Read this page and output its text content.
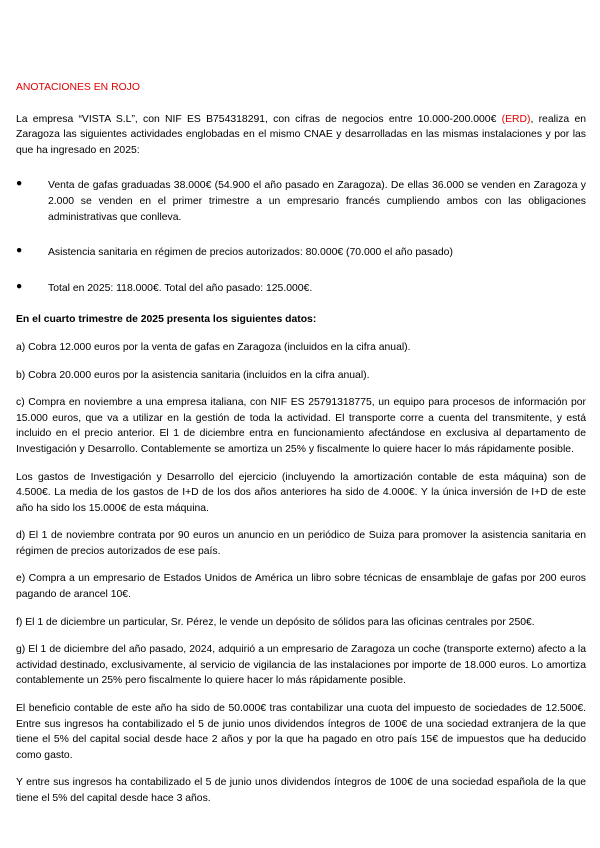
ANOTACIONES EN ROJO

La empresa “VISTA S.L”, con NIF ES B754318291, con cifras de negocios entre 10.000-200.000€ (ERD), realiza en Zaragoza las siguientes actividades englobadas en el mismo CNAE y desarrolladas en las mismas instalaciones y por las que ha ingresado en 2025:

●	Venta de gafas graduadas 38.000€ (54.900 el año pasado en Zaragoza). De ellas 36.000 se venden en Zaragoza y 2.000 se venden en el primer trimestre a un empresario francés cumpliendo ambos con las obligaciones administrativas que conlleva.

●	Asistencia sanitaria en régimen de precios autorizados: 80.000€ (70.000 el año pasado)

●	Total en 2025: 118.000€. Total del año pasado: 125.000€.

En el cuarto trimestre de 2025 presenta los siguientes datos:

a) Cobra 12.000 euros por la venta de gafas en Zaragoza (incluidos en la cifra anual).

b) Cobra 20.000 euros por la asistencia sanitaria (incluidos en la cifra anual).

c) Compra en noviembre a una empresa italiana, con NIF ES 25791318775, un equipo para procesos de información por 15.000 euros, que va a utilizar en la gestión de toda la actividad. El transporte corre a cuenta del transmitente, y está incluido en el precio anterior. El 1 de diciembre entra en funcionamiento afectándose en exclusiva al departamento de Investigación y Desarrollo. Contablemente se amortiza un 25% y fiscalmente lo quiere hacer lo más rápidamente posible.

Los gastos de Investigación y Desarrollo del ejercicio (incluyendo la amortización contable de esta máquina) son de 4.500€. La media de los gastos de I+D de los dos años anteriores ha sido de 4.000€. Y la única inversión de I+D de este año ha sido los 15.000€ de esta máquina.

d) El 1 de noviembre contrata por 90 euros un anuncio en un periódico de Suiza para promover la asistencia sanitaria en régimen de precios autorizados de ese país.

e) Compra a un empresario de Estados Unidos de América un libro sobre técnicas de ensamblaje de gafas por 200 euros pagando de arancel 10€.

f) El 1 de diciembre un particular, Sr. Pérez, le vende un depósito de sólidos para las oficinas centrales por 250€.

g) El 1 de diciembre del año pasado, 2024, adquirió a un empresario de Zaragoza un coche (transporte externo) afecto a la actividad destinado, exclusivamente, al servicio de vigilancia de las instalaciones por importe de 18.000 euros. Lo amortiza contablemente un 25% pero fiscalmente lo quiere hacer lo más rápidamente posible.

El beneficio contable de este año ha sido de 50.000€ tras contabilizar una cuota del impuesto de sociedades de 12.500€. Entre sus ingresos ha contabilizado el 5 de junio unos dividendos íntegros de 100€ de una sociedad extranjera de la que tiene el 5% del capital social desde hace 2 años y por la que ha pagado en otro país 15€ de impuestos que ha deducido como gasto.

Y entre sus ingresos ha contabilizado el 5 de junio unos dividendos íntegros de 100€ de una sociedad española de la que tiene el 5% del capital desde hace 3 años.
